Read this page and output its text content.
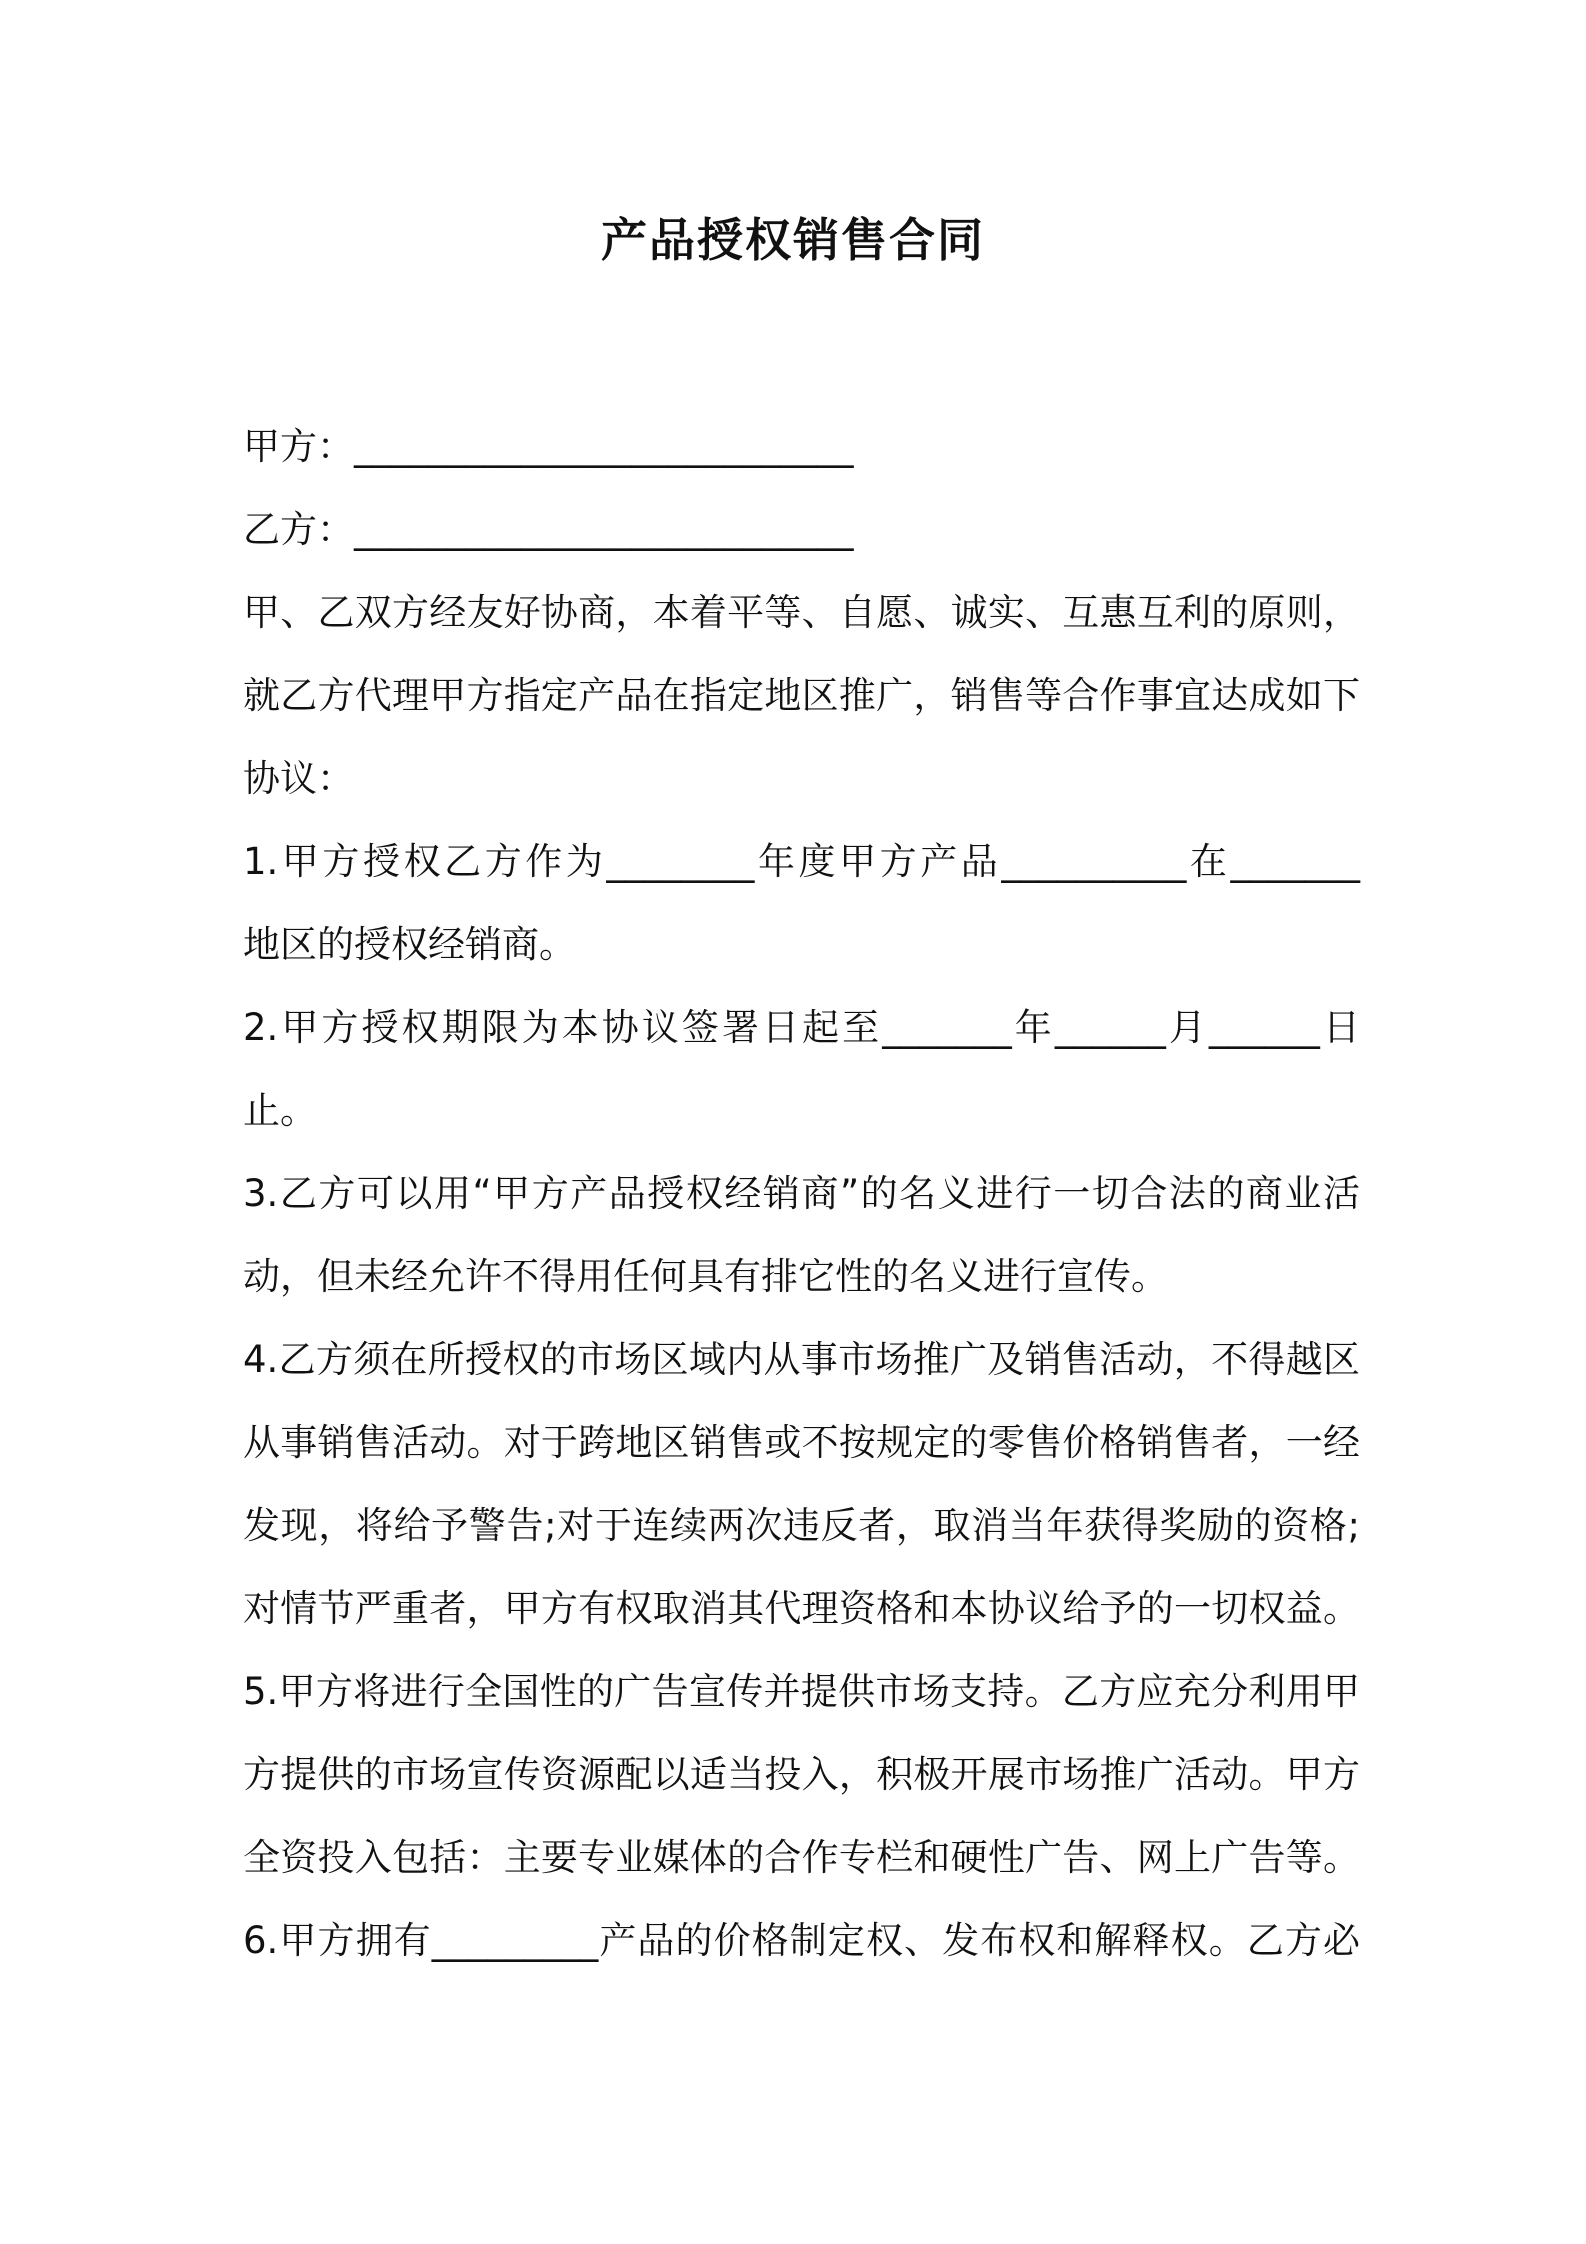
产品授权销售合同
甲方：___________________________
乙方：___________________________
甲、乙双方经友好协商，本着平等、自愿、诚实、互惠互利的原则，
就乙方代理甲方指定产品在指定地区推广，销售等合作事宜达成如下
协议：
1.甲方授权乙方作为________年度甲方产品__________在_______
地区的授权经销商。
2.甲方授权期限为本协议签署日起至_______年______月______日
止。
3.乙方可以用“甲方产品授权经销商”的名义进行一切合法的商业活
动，但未经允许不得用任何具有排它性的名义进行宣传。
4.乙方须在所授权的市场区域内从事市场推广及销售活动，不得越区
从事销售活动。对于跨地区销售或不按规定的零售价格销售者，一经
发现，将给予警告;对于连续两次违反者，取消当年获得奖励的资格;
对情节严重者，甲方有权取消其代理资格和本协议给予的一切权益。
5.甲方将进行全国性的广告宣传并提供市场支持。乙方应充分利用甲
方提供的市场宣传资源配以适当投入，积极开展市场推广活动。甲方
全资投入包括：主要专业媒体的合作专栏和硬性广告、网上广告等。
6.甲方拥有_________产品的价格制定权、发布权和解释权。乙方必
